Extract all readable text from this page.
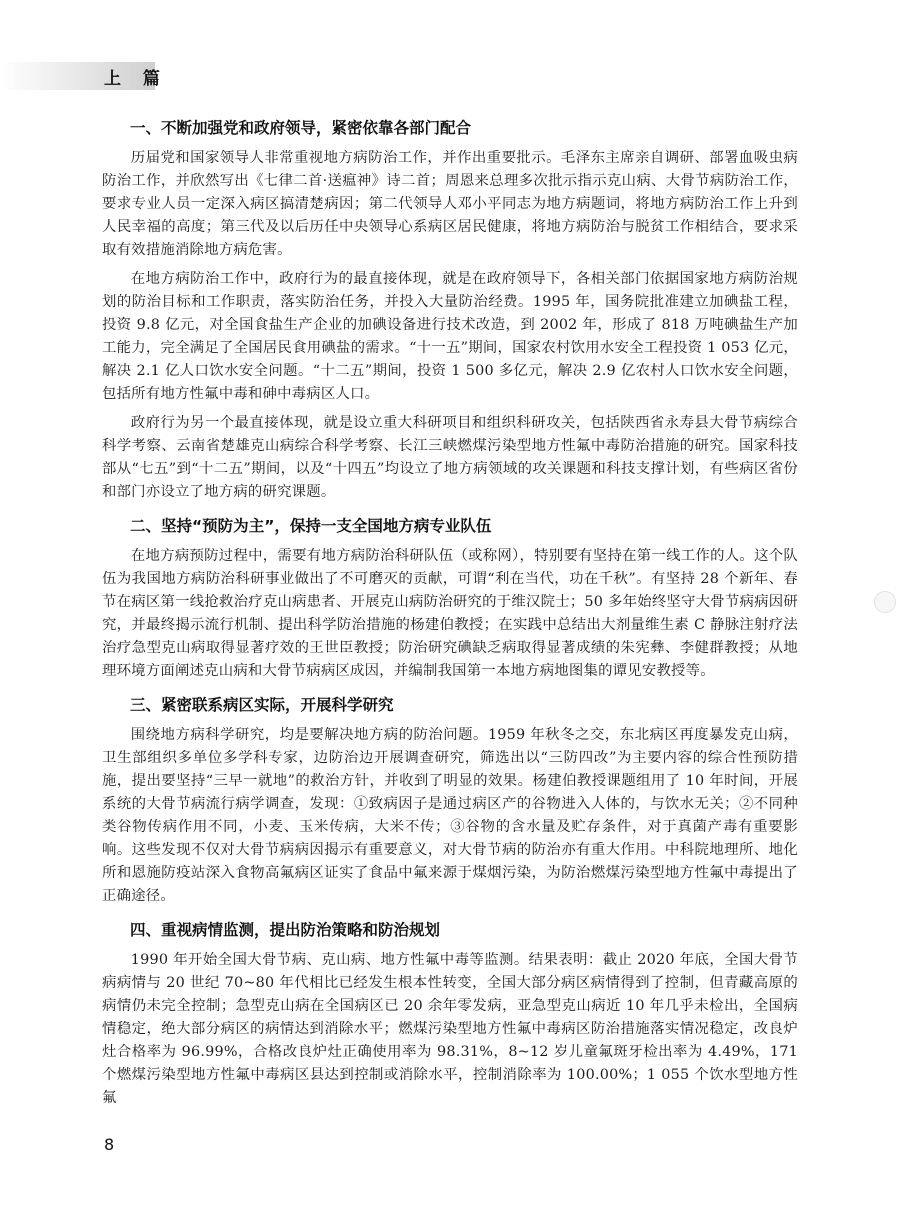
上 篇
一、不断加强党和政府领导，紧密依靠各部门配合

历届党和国家领导人非常重视地方病防治工作，并作出重要批示。毛泽东主席亲自调研、部署血吸虫病防治工作，并欣然写出《七律二首·送瘟神》诗二首；周恩来总理多次批示指示克山病、大骨节病防治工作，要求专业人员一定深入病区搞清楚病因；第二代领导人邓小平同志为地方病题词，将地方病防治工作上升到人民幸福的高度；第三代及以后历任中央领导心系病区居民健康，将地方病防治与脱贫工作相结合，要求采取有效措施消除地方病危害。

在地方病防治工作中，政府行为的最直接体现，就是在政府领导下，各相关部门依据国家地方病防治规划的防治目标和工作职责，落实防治任务，并投入大量防治经费。1995 年，国务院批准建立加碘盐工程，投资 9.8 亿元，对全国食盐生产企业的加碘设备进行技术改造，到 2002 年，形成了 818 万吨碘盐生产加工能力，完全满足了全国居民食用碘盐的需求。“十一五”期间，国家农村饮用水安全工程投资 1 053 亿元，解决 2.1 亿人口饮水安全问题。“十二五”期间，投资 1 500 多亿元，解决 2.9 亿农村人口饮水安全问题，包括所有地方性氟中毒和砷中毒病区人口。

政府行为另一个最直接体现，就是设立重大科研项目和组织科研攻关，包括陕西省永寿县大骨节病综合科学考察、云南省楚雄克山病综合科学考察、长江三峡燃煤污染型地方性氟中毒防治措施的研究。国家科技部从“七五”到“十二五”期间，以及“十四五”均设立了地方病领域的攻关课题和科技支撑计划，有些病区省份和部门亦设立了地方病的研究课题。

二、坚持“预防为主”，保持一支全国地方病专业队伍

在地方病预防过程中，需要有地方病防治科研队伍（或称网），特别要有坚持在第一线工作的人。这个队伍为我国地方病防治科研事业做出了不可磨灭的贡献，可谓“利在当代，功在千秋”。有坚持 28 个新年、春节在病区第一线抢救治疗克山病患者、开展克山病防治研究的于维汉院士；50 多年始终坚守大骨节病病因研究，并最终揭示流行机制、提出科学防治措施的杨建伯教授；在实践中总结出大剂量维生素 C 静脉注射疗法治疗急型克山病取得显著疗效的王世臣教授；防治研究碘缺乏病取得显著成绩的朱宪彝、李健群教授；从地理环境方面阐述克山病和大骨节病病区成因，并编制我国第一本地方病地图集的谭见安教授等。

三、紧密联系病区实际，开展科学研究

围绕地方病科学研究，均是要解决地方病的防治问题。1959 年秋冬之交，东北病区再度暴发克山病，卫生部组织多单位多学科专家，边防治边开展调查研究，筛选出以“三防四改”为主要内容的综合性预防措施，提出要坚持“三早一就地”的救治方针，并收到了明显的效果。杨建伯教授课题组用了 10 年时间，开展系统的大骨节病流行病学调查，发现：①致病因子是通过病区产的谷物进入人体的，与饮水无关；②不同种类谷物传病作用不同，小麦、玉米传病，大米不传；③谷物的含水量及贮存条件，对于真菌产毒有重要影响。这些发现不仅对大骨节病病因揭示有重要意义，对大骨节病的防治亦有重大作用。中科院地理所、地化所和恩施防疫站深入食物高氟病区证实了食品中氟来源于煤烟污染，为防治燃煤污染型地方性氟中毒提出了正确途径。

四、重视病情监测，提出防治策略和防治规划

1990 年开始全国大骨节病、克山病、地方性氟中毒等监测。结果表明：截止 2020 年底，全国大骨节病病情与 20 世纪 70~80 年代相比已经发生根本性转变，全国大部分病区病情得到了控制，但青藏高原的病情仍未完全控制；急型克山病在全国病区已 20 余年零发病，亚急型克山病近 10 年几乎未检出，全国病情稳定，绝大部分病区的病情达到消除水平；燃煤污染型地方性氟中毒病区防治措施落实情况稳定，改良炉灶合格率为 96.99%，合格改良炉灶正确使用率为 98.31%，8~12 岁儿童氟斑牙检出率为 4.49%，171 个燃煤污染型地方性氟中毒病区县达到控制或消除水平，控制消除率为 100.00%；1 055 个饮水型地方性氟

8
